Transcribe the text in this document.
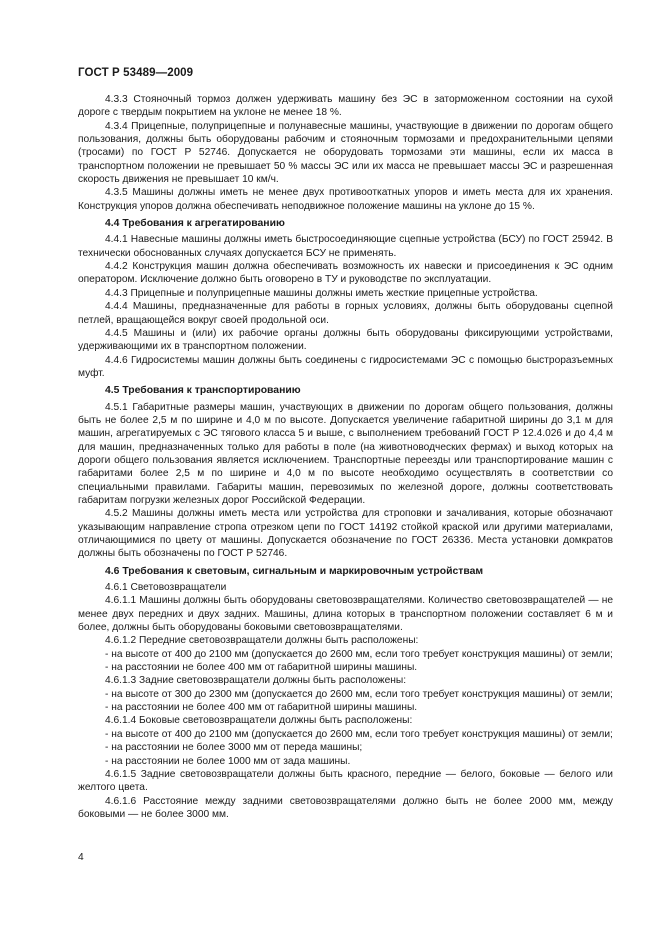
ГОСТ Р 53489—2009

4.3.3 Стояночный тормоз должен удерживать машину без ЭС в заторможенном состоянии на сухой дороге с твердым покрытием на уклоне не менее 18 %.

4.3.4 Прицепные, полуприцепные и полунавесные машины, участвующие в движении по дорогам общего пользования, должны быть оборудованы рабочим и стояночным тормозами и предохранительными цепями (тросами) по ГОСТ Р 52746. Допускается не оборудовать тормозами эти машины, если их масса в транспортном положении не превышает 50 % массы ЭС или их масса не превышает массы ЭС и разрешенная скорость движения не превышает 10 км/ч.

4.3.5 Машины должны иметь не менее двух противооткатных упоров и иметь места для их хранения. Конструкция упоров должна обеспечивать неподвижное положение машины на уклоне до 15 %.

4.4 Требования к агрегатированию

4.4.1 Навесные машины должны иметь быстросоединяющие сцепные устройства (БСУ) по ГОСТ 25942. В технически обоснованных случаях допускается БСУ не применять.

4.4.2 Конструкция машин должна обеспечивать возможность их навески и присоединения к ЭС одним оператором. Исключение должно быть оговорено в ТУ и руководстве по эксплуатации.

4.4.3 Прицепные и полуприцепные машины должны иметь жесткие прицепные устройства.

4.4.4 Машины, предназначенные для работы в горных условиях, должны быть оборудованы сцепной петлей, вращающейся вокруг своей продольной оси.

4.4.5 Машины и (или) их рабочие органы должны быть оборудованы фиксирующими устройствами, удерживающими их в транспортном положении.

4.4.6 Гидросистемы машин должны быть соединены с гидросистемами ЭС с помощью быстроразъемных муфт.

4.5 Требования к транспортированию

4.5.1 Габаритные размеры машин, участвующих в движении по дорогам общего пользования, должны быть не более 2,5 м по ширине и 4,0 м по высоте. Допускается увеличение габаритной ширины до 3,1 м для машин, агрегатируемых с ЭС тягового класса 5 и выше, с выполнением требований ГОСТ Р 12.4.026 и до 4,4 м для машин, предназначенных только для работы в поле (на животноводческих фермах) и выход которых на дороги общего пользования является исключением. Транспортные переезды или транспортирование машин с габаритами более 2,5 м по ширине и 4,0 м по высоте необходимо осуществлять в соответствии со специальными правилами. Габариты машин, перевозимых по железной дороге, должны соответствовать габаритам погрузки железных дорог Российской Федерации.

4.5.2 Машины должны иметь места или устройства для строповки и зачаливания, которые обозначают указывающим направление стропа отрезком цепи по ГОСТ 14192 стойкой краской или другими материалами, отличающимися по цвету от машины. Допускается обозначение по ГОСТ 26336. Места установки домкратов должны быть обозначены по ГОСТ Р 52746.

4.6 Требования к световым, сигнальным и маркировочным устройствам

4.6.1 Световозвращатели

4.6.1.1 Машины должны быть оборудованы световозвращателями. Количество световозвращателей — не менее двух передних и двух задних. Машины, длина которых в транспортном положении составляет 6 м и более, должны быть оборудованы боковыми световозвращателями.

4.6.1.2 Передние световозвращатели должны быть расположены:

- на высоте от 400 до 2100 мм (допускается до 2600 мм, если того требует конструкция машины) от земли;

- на расстоянии не более 400 мм от габаритной ширины машины.

4.6.1.3 Задние световозвращатели должны быть расположены:

- на высоте от 300 до 2300 мм (допускается до 2600 мм, если того требует конструкция машины) от земли;

- на расстоянии не более 400 мм от габаритной ширины машины.

4.6.1.4 Боковые световозвращатели должны быть расположены:

- на высоте от 400 до 2100 мм (допускается до 2600 мм, если того требует конструкция машины) от земли;

- на расстоянии не более 3000 мм от переда машины;

- на расстоянии не более 1000 мм от зада машины.

4.6.1.5 Задние световозвращатели должны быть красного, передние — белого, боковые — белого или желтого цвета.

4.6.1.6 Расстояние между задними световозвращателями должно быть не более 2000 мм, между боковыми — не более 3000 мм.

4
